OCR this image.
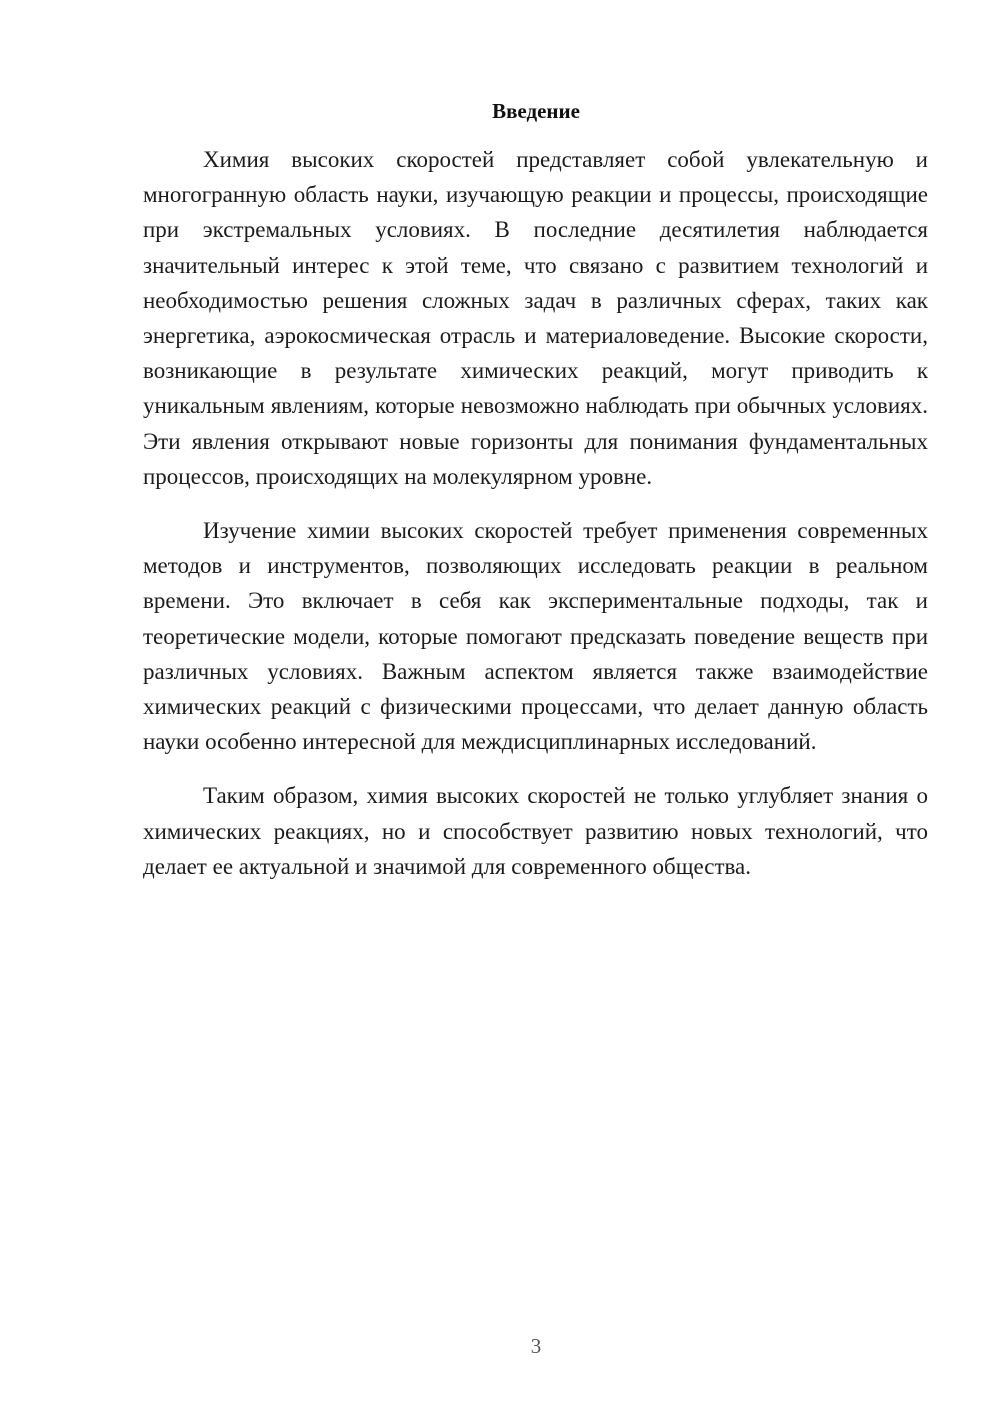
Введение

Химия высоких скоростей представляет собой увлекательную и многогранную область науки, изучающую реакции и процессы, происходящие при экстремальных условиях. В последние десятилетия наблюдается значительный интерес к этой теме, что связано с развитием технологий и необходимостью решения сложных задач в различных сферах, таких как энергетика, аэрокосмическая отрасль и материаловедение. Высокие скорости, возникающие в результате химических реакций, могут приводить к уникальным явлениям, которые невозможно наблюдать при обычных условиях. Эти явления открывают новые горизонты для понимания фундаментальных процессов, происходящих на молекулярном уровне.

Изучение химии высоких скоростей требует применения современных методов и инструментов, позволяющих исследовать реакции в реальном времени. Это включает в себя как экспериментальные подходы, так и теоретические модели, которые помогают предсказать поведение веществ при различных условиях. Важным аспектом является также взаимодействие химических реакций с физическими процессами, что делает данную область науки особенно интересной для междисциплинарных исследований.

Таким образом, химия высоких скоростей не только углубляет знания о химических реакциях, но и способствует развитию новых технологий, что делает ее актуальной и значимой для современного общества.

3
